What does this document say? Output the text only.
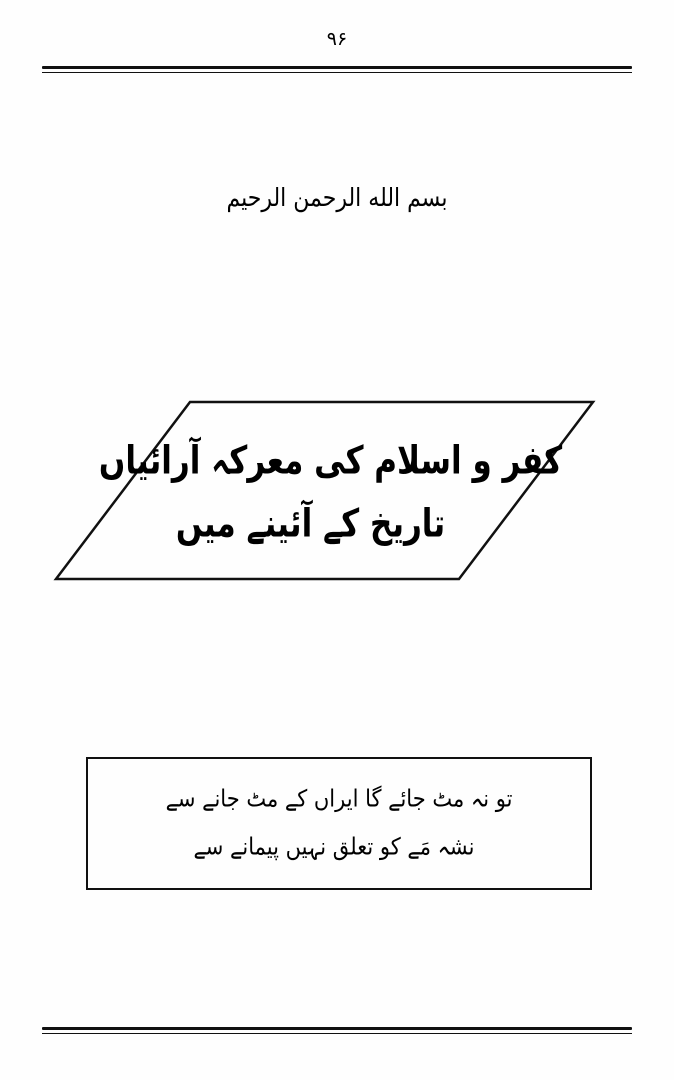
۹۶
بسم الله الرحمن الرحيم
کفر و اسلام کی معرکہ آرائیاں
تاریخ کے آئینے میں
تو نہ مٹ جائے گا ایراں کے مٹ جانے سے
نشہ مَے کو تعلق نہیں پیمانے سے
